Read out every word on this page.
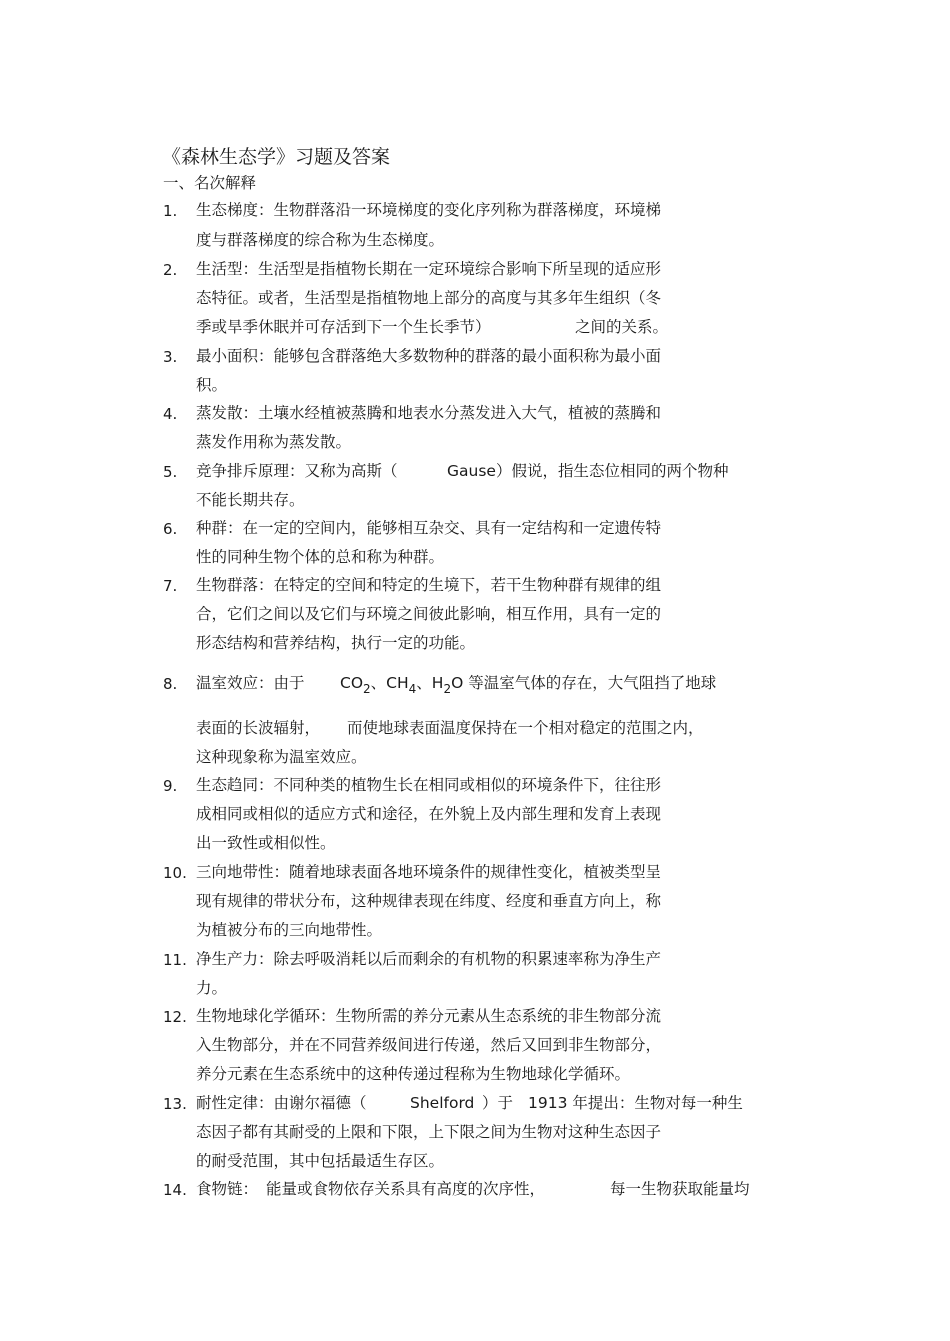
《森林生态学》习题及答案
一、名次解释
1. 生态梯度：生物群落沿一环境梯度的变化序列称为群落梯度，环境梯
度与群落梯度的综合称为生态梯度。
2. 生活型：生活型是指植物长期在一定环境综合影响下所呈现的适应形
态特征。或者，生活型是指植物地上部分的高度与其多年生组织（冬
季或旱季休眠并可存活到下一个生长季节）	之间的关系。
3. 最小面积：能够包含群落绝大多数物种的群落的最小面积称为最小面
积。
4. 蒸发散：土壤水经植被蒸腾和地表水分蒸发进入大气，植被的蒸腾和
蒸发作用称为蒸发散。
5. 竞争排斥原理：又称为高斯（	Gause）假说，指生态位相同的两个物种
不能长期共存。
6. 种群：在一定的空间内，能够相互杂交、具有一定结构和一定遗传特
性的同种生物个体的总和称为种群。
7. 生物群落：在特定的空间和特定的生境下，若干生物种群有规律的组
合，它们之间以及它们与环境之间彼此影响，相互作用，具有一定的
形态结构和营养结构，执行一定的功能。
8. 温室效应：由于 $CO_2$、$CH_4$、$H_2O$ 等温室气体的存在，大气阻挡了地球
表面的长波辐射， 而使地球表面温度保持在一个相对稳定的范围之内，
这种现象称为温室效应。
9. 生态趋同：不同种类的植物生长在相同或相似的环境条件下，往往形
成相同或相似的适应方式和途径，在外貌上及内部生理和发育上表现
出一致性或相似性。
10. 三向地带性：随着地球表面各地环境条件的规律性变化，植被类型呈
现有规律的带状分布，这种规律表现在纬度、经度和垂直方向上，称
为植被分布的三向地带性。
11. 净生产力：除去呼吸消耗以后而剩余的有机物的积累速率称为净生产
力。
12. 生物地球化学循环：生物所需的养分元素从生态系统的非生物部分流
入生物部分，并在不同营养级间进行传递，然后又回到非生物部分，
养分元素在生态系统中的这种传递过程称为生物地球化学循环。
13. 耐性定律：由谢尔福德（	Shelford ）于 1913 年提出：生物对每一种生
态因子都有其耐受的上限和下限，上下限之间为生物对这种生态因子
的耐受范围，其中包括最适生存区。
14. 食物链： 能量或食物依存关系具有高度的次序性，	每一生物获取能量均
